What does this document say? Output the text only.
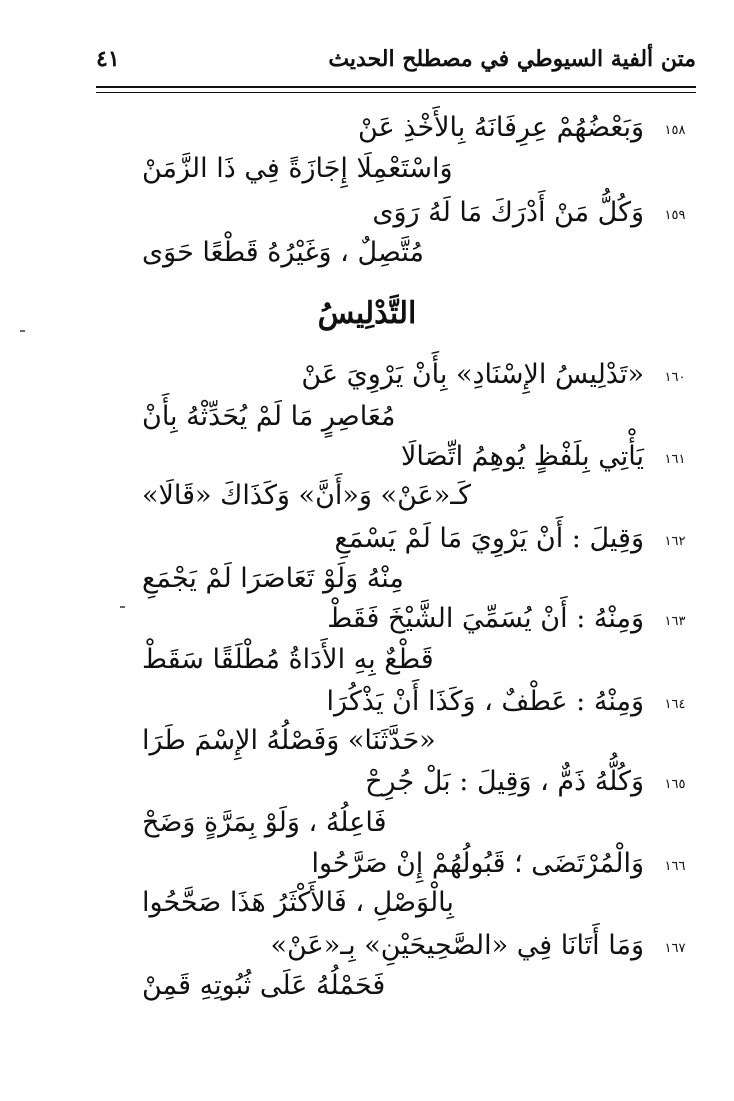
متن ألفية السيوطي في مصطلح الحديث
٤١
١٥٨
وَبَعْضُهُمْ عِرِفَانَهُ بِالأَخْذِ عَنْ
وَاسْتَعْمِلَا إِجَازَةً فِي ذَا الزَّمَنْ
١٥٩
وَكُلُّ مَنْ أَدْرَكَ مَا لَهُ رَوَى
مُتَّصِلٌ ، وَغَيْرُهُ قَطْعًا حَوَى
التَّدْلِيسُ
١٦٠
«تَدْلِيسُ الإِسْنَادِ» بِأَنْ يَرْوِيَ عَنْ
مُعَاصِرٍ مَا لَمْ يُحَدِّثْهُ بِأَنْ
١٦١
يَأْتِي بِلَفْظٍ يُوهِمُ اتِّصَالَا
كَـ«عَنْ» وَ«أَنَّ» وَكَذَاكَ «قَالَا»
١٦٢
وَقِيلَ : أَنْ يَرْوِيَ مَا لَمْ يَسْمَعِ
مِنْهُ وَلَوْ تَعَاصَرَا لَمْ يَجْمَعِ
١٦٣
وَمِنْهُ : أَنْ يُسَمِّيَ الشَّيْخَ فَقَطْ
قَطْعٌ بِهِ الأَدَاةُ مُطْلَقًا سَقَطْ
١٦٤
وَمِنْهُ : عَطْفٌ ، وَكَذَا أَنْ يَذْكُرَا
«حَدَّثَنَا» وَفَصْلُهُ الإِسْمَ طَرَا
١٦٥
وَكُلُّهُ ذَمٌّ ، وَقِيلَ : بَلْ جُرِحْ
فَاعِلُهُ ، وَلَوْ بِمَرَّةٍ وَضَحْ
١٦٦
وَالْمُرْتَضَى ؛ قَبُولُهُمْ إِنْ صَرَّحُوا
بِالْوَصْلِ ، فَالأَكْثَرُ هَذَا صَحَّحُوا
١٦٧
وَمَا أَتَانَا فِي «الصَّحِيحَيْنِ» بِـ«عَنْ»
فَحَمْلُهُ عَلَى ثُبُوتِهِ قَمِنْ
